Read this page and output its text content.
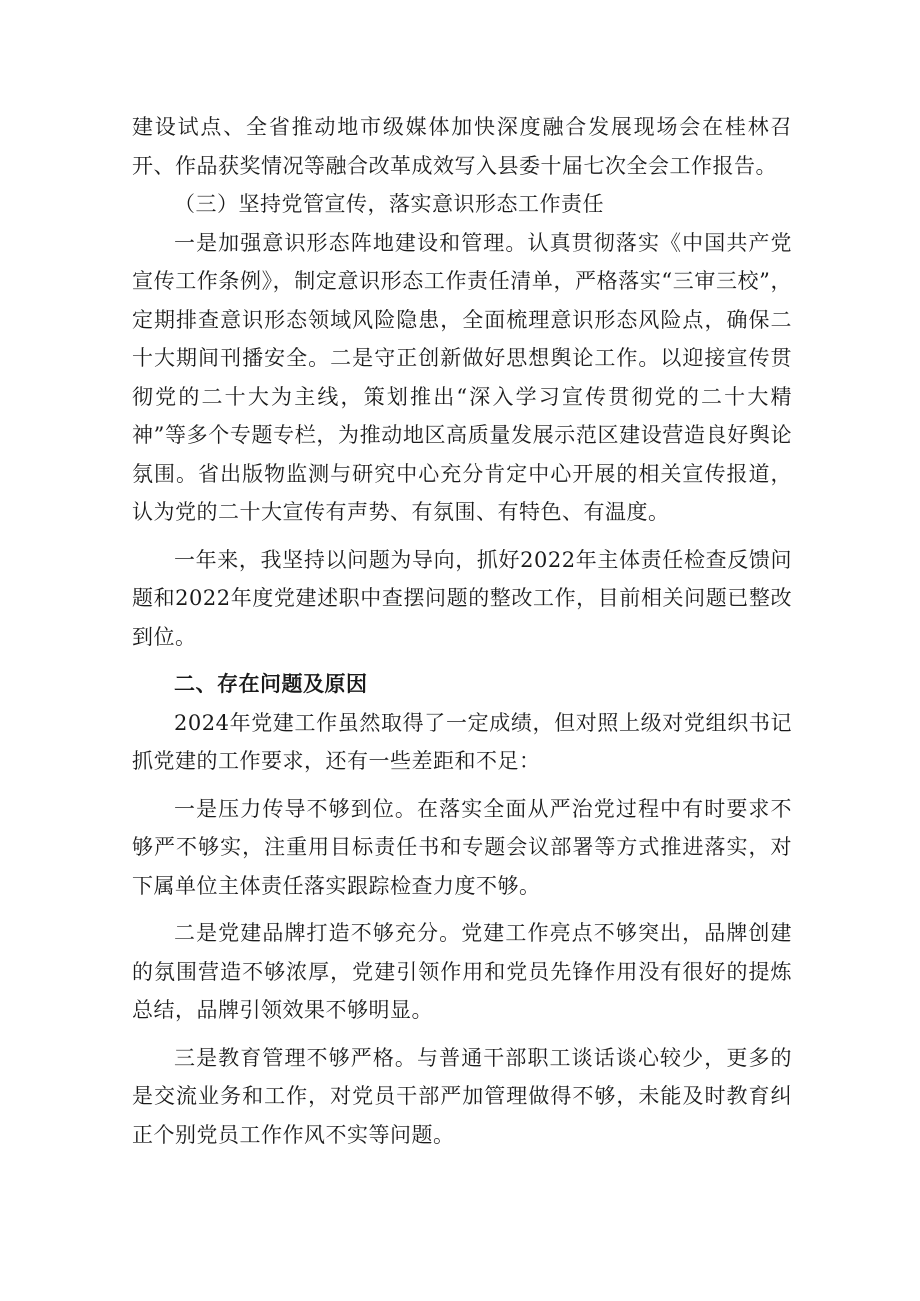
建设试点、全省推动地市级媒体加快深度融合发展现场会在桂林召开、作品获奖情况等融合改革成效写入县委十届七次全会工作报告。

（三）坚持党管宣传，落实意识形态工作责任

一是加强意识形态阵地建设和管理。认真贯彻落实《中国共产党宣传工作条例》，制定意识形态工作责任清单，严格落实“三审三校”，定期排查意识形态领域风险隐患，全面梳理意识形态风险点，确保二十大期间刊播安全。二是守正创新做好思想舆论工作。以迎接宣传贯彻党的二十大为主线，策划推出“深入学习宣传贯彻党的二十大精神”等多个专题专栏，为推动地区高质量发展示范区建设营造良好舆论氛围。省出版物监测与研究中心充分肯定中心开展的相关宣传报道，认为党的二十大宣传有声势、有氛围、有特色、有温度。

一年来，我坚持以问题为导向，抓好2022年主体责任检查反馈问题和2022年度党建述职中查摆问题的整改工作，目前相关问题已整改到位。

二、存在问题及原因

2024年党建工作虽然取得了一定成绩，但对照上级对党组织书记抓党建的工作要求，还有一些差距和不足：

一是压力传导不够到位。在落实全面从严治党过程中有时要求不够严不够实，注重用目标责任书和专题会议部署等方式推进落实，对下属单位主体责任落实跟踪检查力度不够。

二是党建品牌打造不够充分。党建工作亮点不够突出，品牌创建的氛围营造不够浓厚，党建引领作用和党员先锋作用没有很好的提炼总结，品牌引领效果不够明显。

三是教育管理不够严格。与普通干部职工谈话谈心较少，更多的是交流业务和工作，对党员干部严加管理做得不够，未能及时教育纠正个别党员工作作风不实等问题。
